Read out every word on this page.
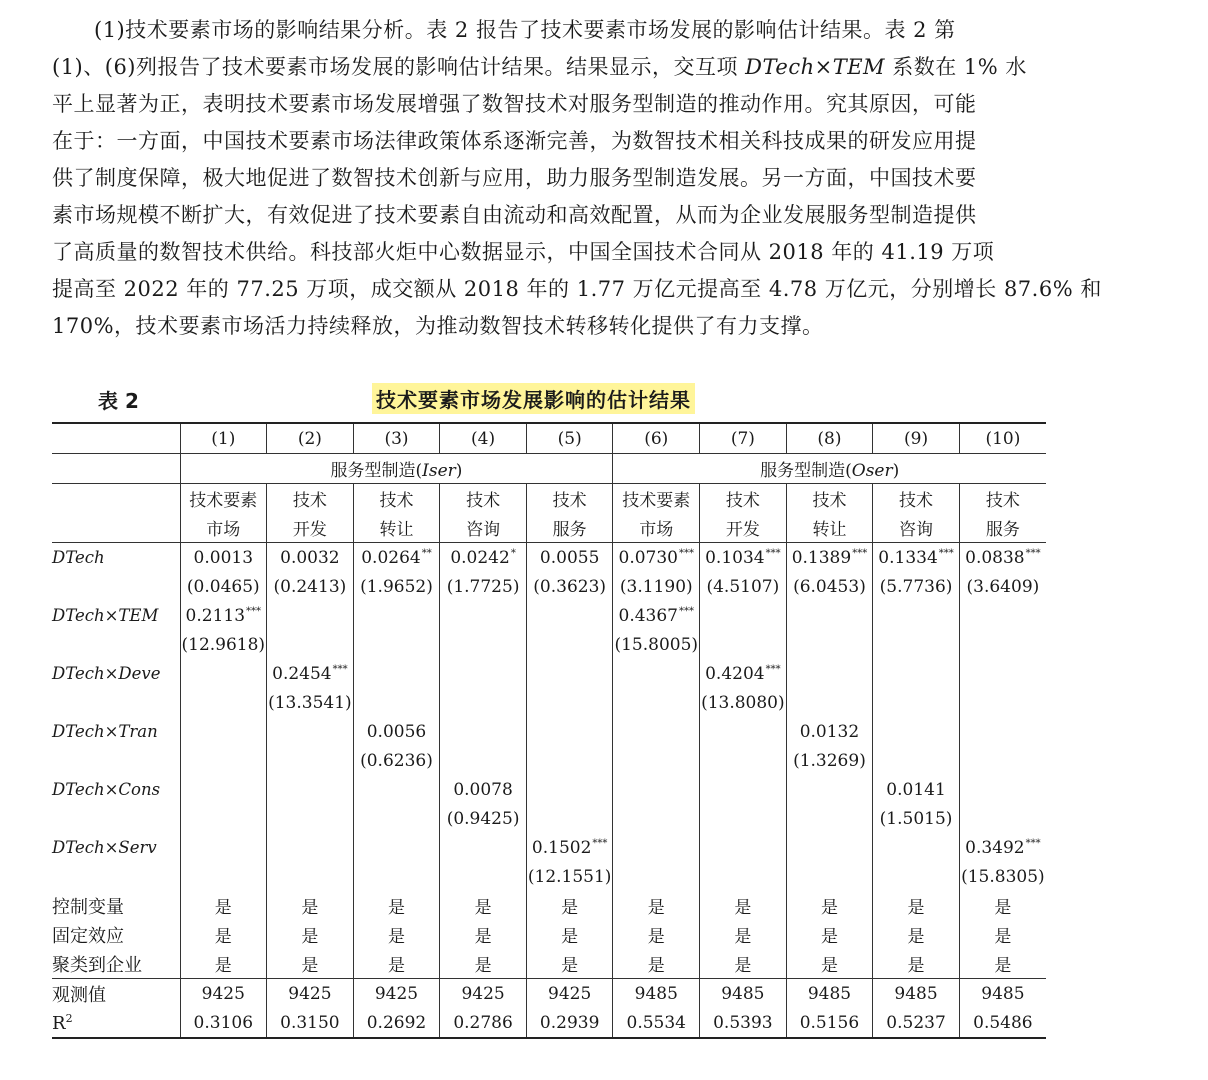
(1)技术要素市场的影响结果分析。表 2 报告了技术要素市场发展的影响估计结果。表 2 第
(1)、(6)列报告了技术要素市场发展的影响估计结果。结果显示，交互项 DTech×TEM 系数在 1% 水
平上显著为正，表明技术要素市场发展增强了数智技术对服务型制造的推动作用。究其原因，可能
在于：一方面，中国技术要素市场法律政策体系逐渐完善，为数智技术相关科技成果的研发应用提
供了制度保障，极大地促进了数智技术创新与应用，助力服务型制造发展。另一方面，中国技术要
素市场规模不断扩大，有效促进了技术要素自由流动和高效配置，从而为企业发展服务型制造提供
了高质量的数智技术供给。科技部火炬中心数据显示，中国全国技术合同从 2018 年的 41.19 万项
提高至 2022 年的 77.25 万项，成交额从 2018 年的 1.77 万亿元提高至 4.78 万亿元，分别增长 87.6% 和
170%，技术要素市场活力持续释放，为推动数智技术转移转化提供了有力支撑。
表 2	技术要素市场发展影响的估计结果
	(1)	(2)	(3)	(4)	(5)	(6)	(7)	(8)	(9)	(10)
	服务型制造(Iser)					服务型制造(Oser)				
	技术要素	技术	技术	技术	技术	技术要素	技术	技术	技术	技术
	市场	开发	转让	咨询	服务	市场	开发	转让	咨询	服务
DTech	0.0013	0.0032	0.0264**	0.0242*	0.0055	0.0730***	0.1034***	0.1389***	0.1334***	0.0838***
	(0.0465)	(0.2413)	(1.9652)	(1.7725)	(0.3623)	(3.1190)	(4.5107)	(6.0453)	(5.7736)	(3.6409)
DTech×TEM	0.2113***					0.4367***				
	(12.9618)					(15.8005)				
DTech×Deve		0.2454***					0.4204***			
		(13.3541)					(13.8080)			
DTech×Tran			0.0056					0.0132		
			(0.6236)					(1.3269)		
DTech×Cons				0.0078					0.0141	
				(0.9425)					(1.5015)	
DTech×Serv					0.1502***					0.3492***
					(12.1551)					(15.8305)
控制变量	是	是	是	是	是	是	是	是	是	是
固定效应	是	是	是	是	是	是	是	是	是	是
聚类到企业	是	是	是	是	是	是	是	是	是	是
观测值	9425	9425	9425	9425	9425	9485	9485	9485	9485	9485
$R^2$	0.3106	0.3150	0.2692	0.2786	0.2939	0.5534	0.5393	0.5156	0.5237	0.5486
